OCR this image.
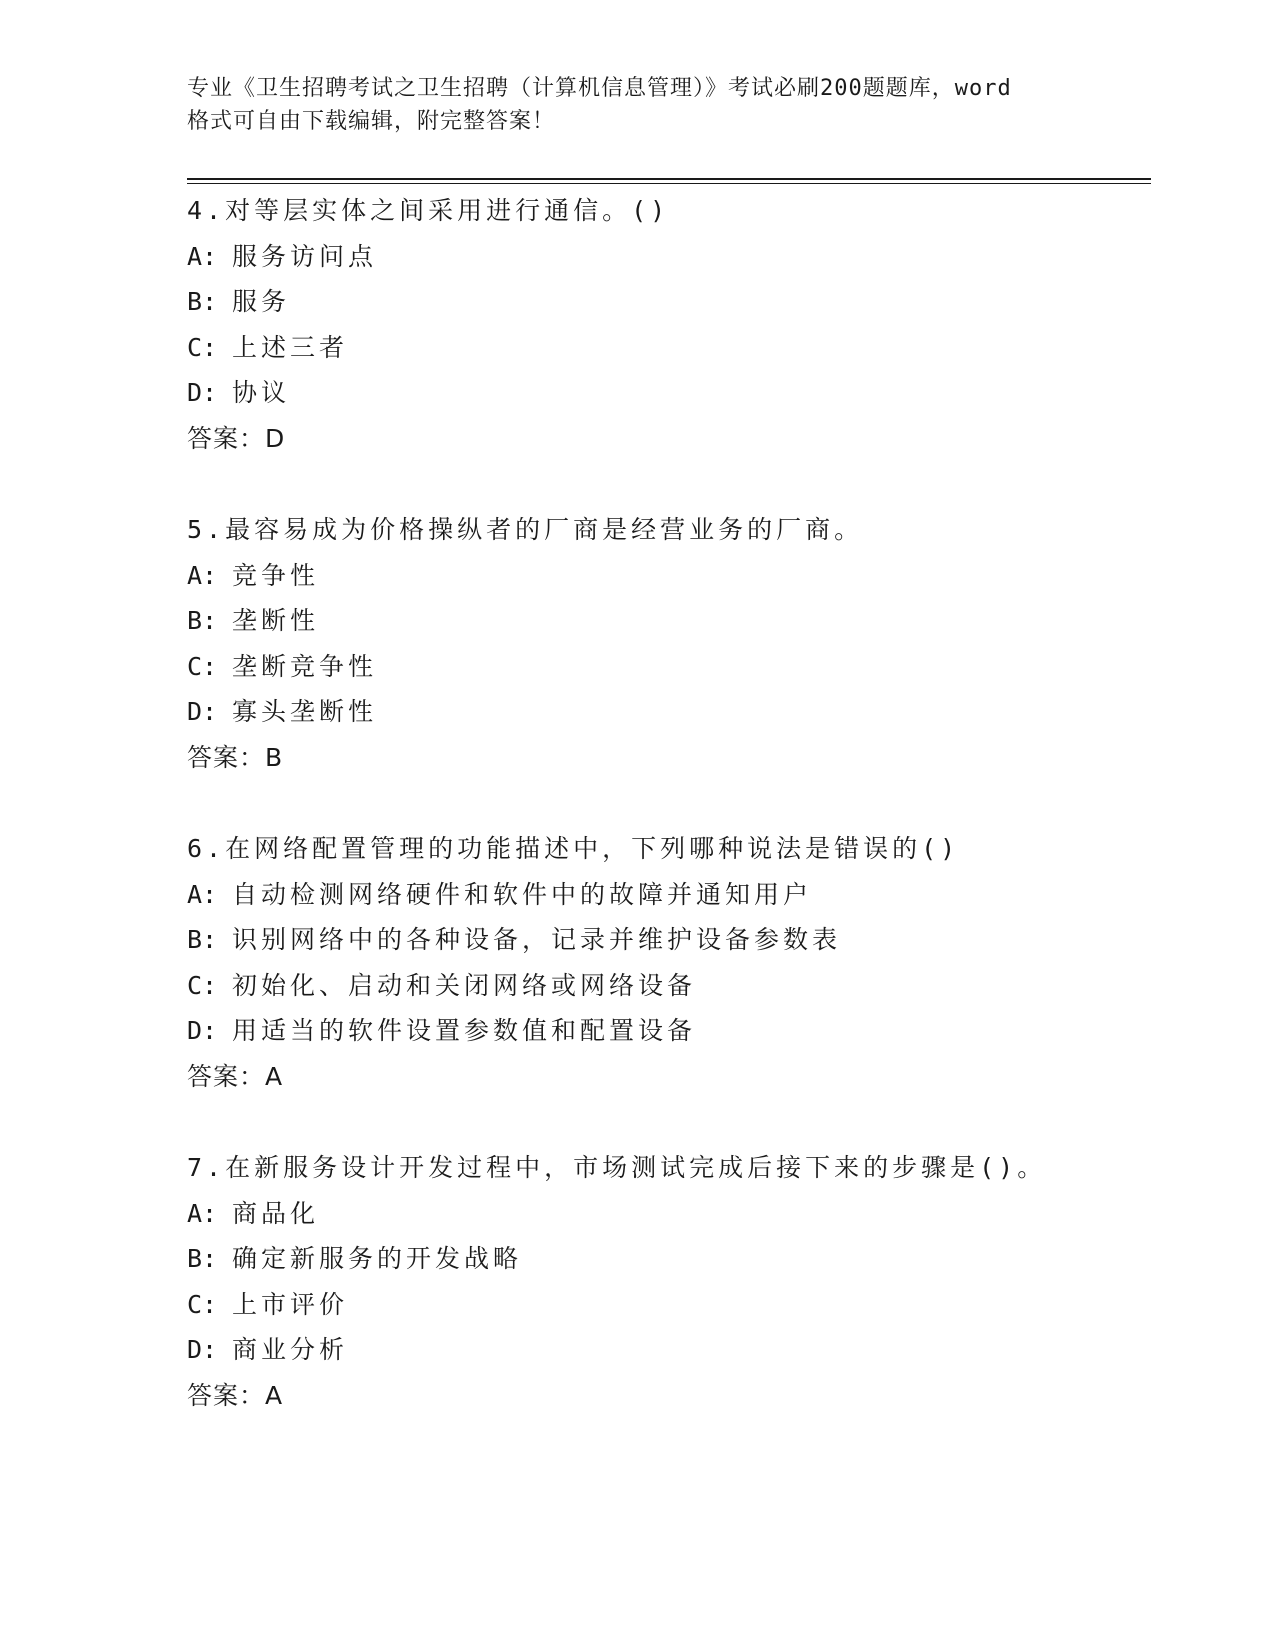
专业《卫生招聘考试之卫生招聘（计算机信息管理）》考试必刷200题题库，word
格式可自由下载编辑，附完整答案！
4.对等层实体之间采用进行通信。()
A: 服务访问点
B: 服务
C: 上述三者
D: 协议
答案：D
5.最容易成为价格操纵者的厂商是经营业务的厂商。
A: 竞争性
B: 垄断性
C: 垄断竞争性
D: 寡头垄断性
答案：B
6.在网络配置管理的功能描述中，下列哪种说法是错误的()
A: 自动检测网络硬件和软件中的故障并通知用户
B: 识别网络中的各种设备，记录并维护设备参数表
C: 初始化、启动和关闭网络或网络设备
D: 用适当的软件设置参数值和配置设备
答案：A
7.在新服务设计开发过程中，市场测试完成后接下来的步骤是()。
A: 商品化
B: 确定新服务的开发战略
C: 上市评价
D: 商业分析
答案：A
